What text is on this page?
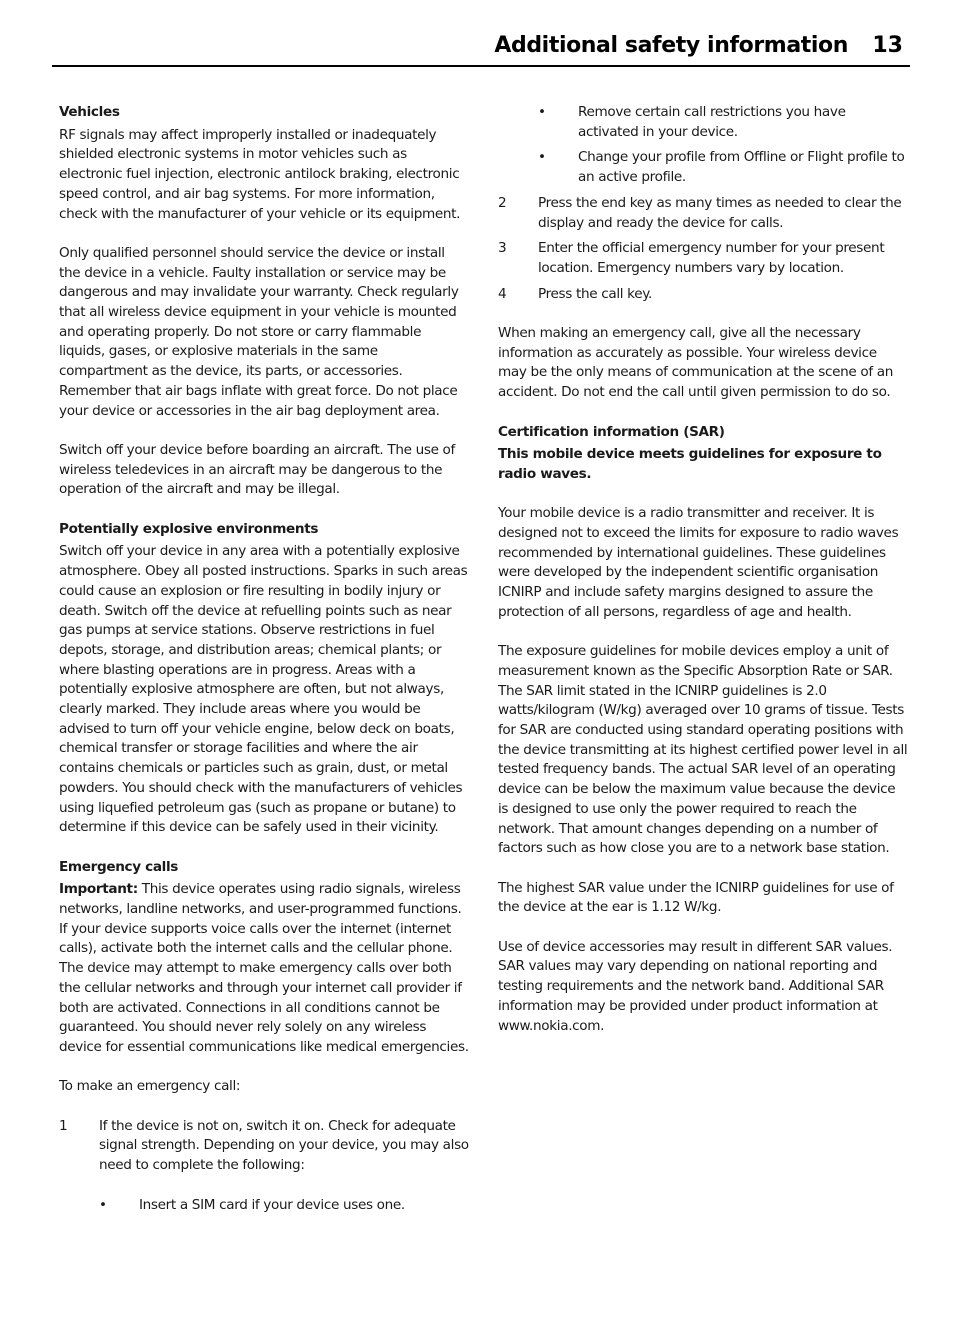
Additional safety information 13
Vehicles

RF signals may affect improperly installed or inadequately shielded electronic systems in motor vehicles such as electronic fuel injection, electronic antilock braking, electronic speed control, and air bag systems. For more information, check with the manufacturer of your vehicle or its equipment.

Only qualified personnel should service the device or install the device in a vehicle. Faulty installation or service may be dangerous and may invalidate your warranty. Check regularly that all wireless device equipment in your vehicle is mounted and operating properly. Do not store or carry flammable liquids, gases, or explosive materials in the same compartment as the device, its parts, or accessories. Remember that air bags inflate with great force. Do not place your device or accessories in the air bag deployment area.

Switch off your device before boarding an aircraft. The use of wireless teledevices in an aircraft may be dangerous to the operation of the aircraft and may be illegal.

Potentially explosive environments

Switch off your device in any area with a potentially explosive atmosphere. Obey all posted instructions. Sparks in such areas could cause an explosion or fire resulting in bodily injury or death. Switch off the device at refuelling points such as near gas pumps at service stations. Observe restrictions in fuel depots, storage, and distribution areas; chemical plants; or where blasting operations are in progress. Areas with a potentially explosive atmosphere are often, but not always, clearly marked. They include areas where you would be advised to turn off your vehicle engine, below deck on boats, chemical transfer or storage facilities and where the air contains chemicals or particles such as grain, dust, or metal powders. You should check with the manufacturers of vehicles using liquefied petroleum gas (such as propane or butane) to determine if this device can be safely used in their vicinity.

Emergency calls

Important: This device operates using radio signals, wireless networks, landline networks, and user-programmed functions. If your device supports voice calls over the internet (internet calls), activate both the internet calls and the cellular phone. The device may attempt to make emergency calls over both the cellular networks and through your internet call provider if both are activated. Connections in all conditions cannot be guaranteed. You should never rely solely on any wireless device for essential communications like medical emergencies.

To make an emergency call:

1	If the device is not on, switch it on. Check for adequate signal strength. Depending on your device, you may also need to complete the following:
•	Insert a SIM card if your device uses one.
•	Remove certain call restrictions you have activated in your device.
•	Change your profile from Offline or Flight profile to an active profile.
2	Press the end key as many times as needed to clear the display and ready the device for calls.
3	Enter the official emergency number for your present location. Emergency numbers vary by location.
4	Press the call key.

When making an emergency call, give all the necessary information as accurately as possible. Your wireless device may be the only means of communication at the scene of an accident. Do not end the call until given permission to do so.

Certification information (SAR)

This mobile device meets guidelines for exposure to radio waves.

Your mobile device is a radio transmitter and receiver. It is designed not to exceed the limits for exposure to radio waves recommended by international guidelines. These guidelines were developed by the independent scientific organisation ICNIRP and include safety margins designed to assure the protection of all persons, regardless of age and health.

The exposure guidelines for mobile devices employ a unit of measurement known as the Specific Absorption Rate or SAR. The SAR limit stated in the ICNIRP guidelines is 2.0 watts/kilogram (W/kg) averaged over 10 grams of tissue. Tests for SAR are conducted using standard operating positions with the device transmitting at its highest certified power level in all tested frequency bands. The actual SAR level of an operating device can be below the maximum value because the device is designed to use only the power required to reach the network. That amount changes depending on a number of factors such as how close you are to a network base station.

The highest SAR value under the ICNIRP guidelines for use of the device at the ear is 1.12 W/kg.

Use of device accessories may result in different SAR values. SAR values may vary depending on national reporting and testing requirements and the network band. Additional SAR information may be provided under product information at www.nokia.com.
